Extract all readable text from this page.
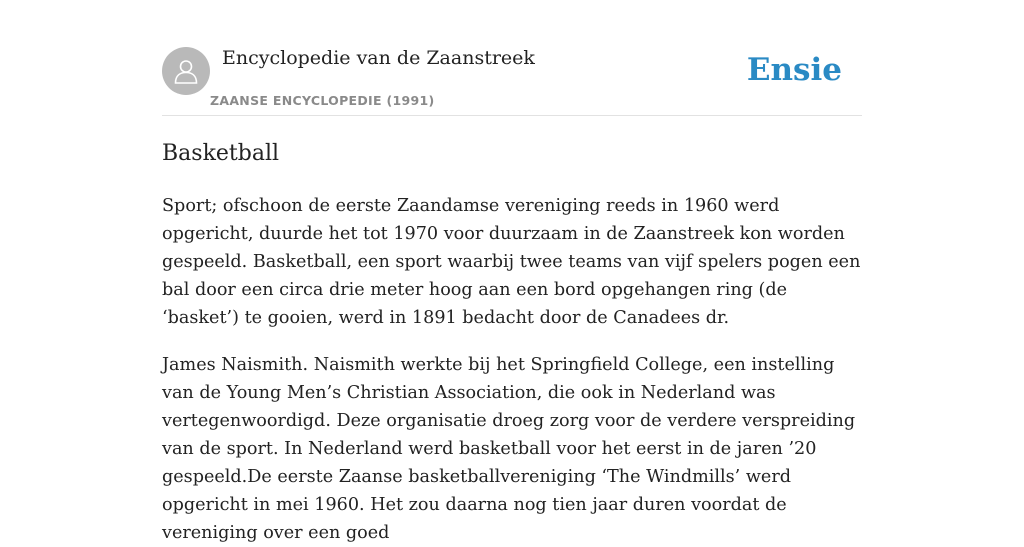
Encyclopedie van de Zaanstreek
ZAANSE ENCYCLOPEDIE (1991)
Ensie
Basketball

Sport; ofschoon de eerste Zaandamse vereniging reeds in 1960 werd opgericht, duurde het tot 1970 voor duurzaam in de Zaanstreek kon worden gespeeld. Basketball, een sport waarbij twee teams van vijf spelers pogen een bal door een circa drie meter hoog aan een bord opgehangen ring (de ‘basket’) te gooien, werd in 1891 bedacht door de Canadees dr.

James Naismith. Naismith werkte bij het Springfield College, een instelling van de Young Men’s Christian Association, die ook in Nederland was vertegenwoordigd. Deze organisatie droeg zorg voor de verdere verspreiding van de sport. In Nederland werd basketball voor het eerst in de jaren ’20 gespeeld.De eerste Zaanse basketballvereniging ‘The Windmills’ werd opgericht in mei 1960. Het zou daarna nog tien jaar duren voordat de vereniging over een goed
